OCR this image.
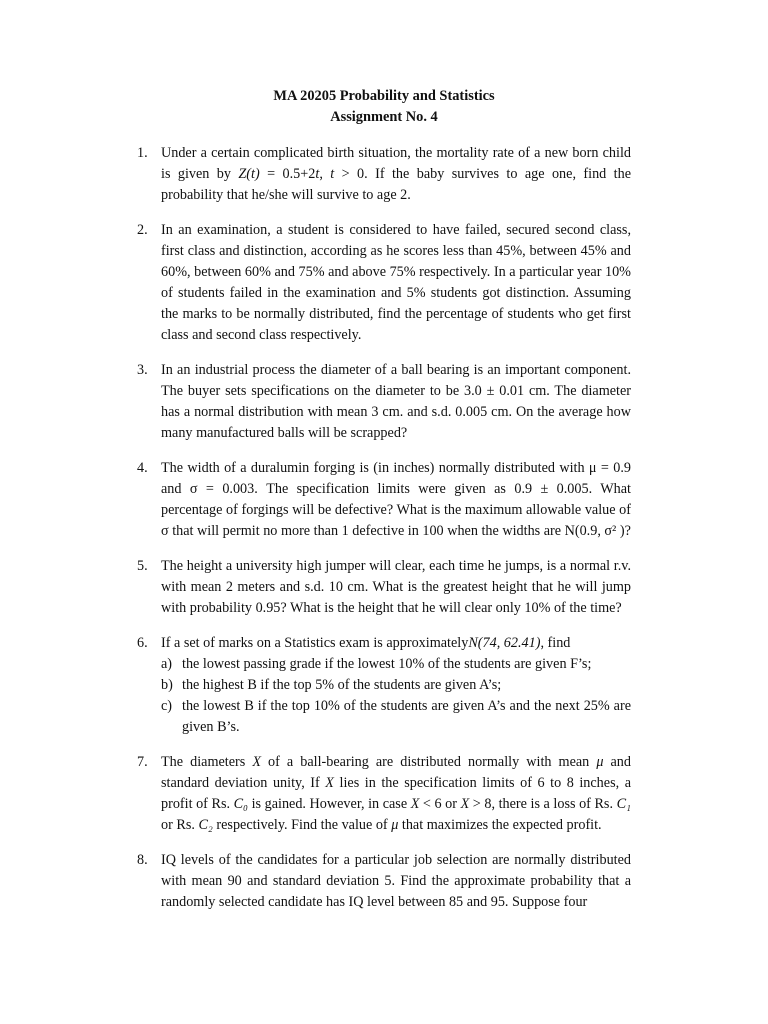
MA 20205 Probability and Statistics
Assignment No. 4
1. Under a certain complicated birth situation, the mortality rate of a new born child is given by Z(t) = 0.5+2t, t > 0. If the baby survives to age one, find the probability that he/she will survive to age 2.
2. In an examination, a student is considered to have failed, secured second class, first class and distinction, according as he scores less than 45%, between 45% and 60%, between 60% and 75% and above 75% respectively. In a particular year 10% of students failed in the examination and 5% students got distinction. Assuming the marks to be normally distributed, find the percentage of students who get first class and second class respectively.
3. In an industrial process the diameter of a ball bearing is an important component. The buyer sets specifications on the diameter to be 3.0 ± 0.01 cm. The diameter has a normal distribution with mean 3 cm. and s.d. 0.005 cm. On the average how many manufactured balls will be scrapped?
4. The width of a duralumin forging is (in inches) normally distributed with μ = 0.9 and σ = 0.003. The specification limits were given as 0.9 ± 0.005. What percentage of forgings will be defective? What is the maximum allowable value of σ that will permit no more than 1 defective in 100 when the widths are N(0.9, σ² )?
5. The height a university high jumper will clear, each time he jumps, is a normal r.v. with mean 2 meters and s.d. 10 cm. What is the greatest height that he will jump with probability 0.95? What is the height that he will clear only 10% of the time?
6. If a set of marks on a Statistics exam is approximatelyN(74, 62.41), find
a) the lowest passing grade if the lowest 10% of the students are given F’s;
b) the highest B if the top 5% of the students are given A’s;
c) the lowest B if the top 10% of the students are given A’s and the next 25% are given B’s.
7. The diameters X of a ball-bearing are distributed normally with mean μ and standard deviation unity, If X lies in the specification limits of 6 to 8 inches, a profit of Rs. C₀ is gained. However, in case X < 6 or X > 8, there is a loss of Rs. C₁ or Rs. C₂ respectively. Find the value of μ that maximizes the expected profit.
8. IQ levels of the candidates for a particular job selection are normally distributed with mean 90 and standard deviation 5. Find the approximate probability that a randomly selected candidate has IQ level between 85 and 95. Suppose four
